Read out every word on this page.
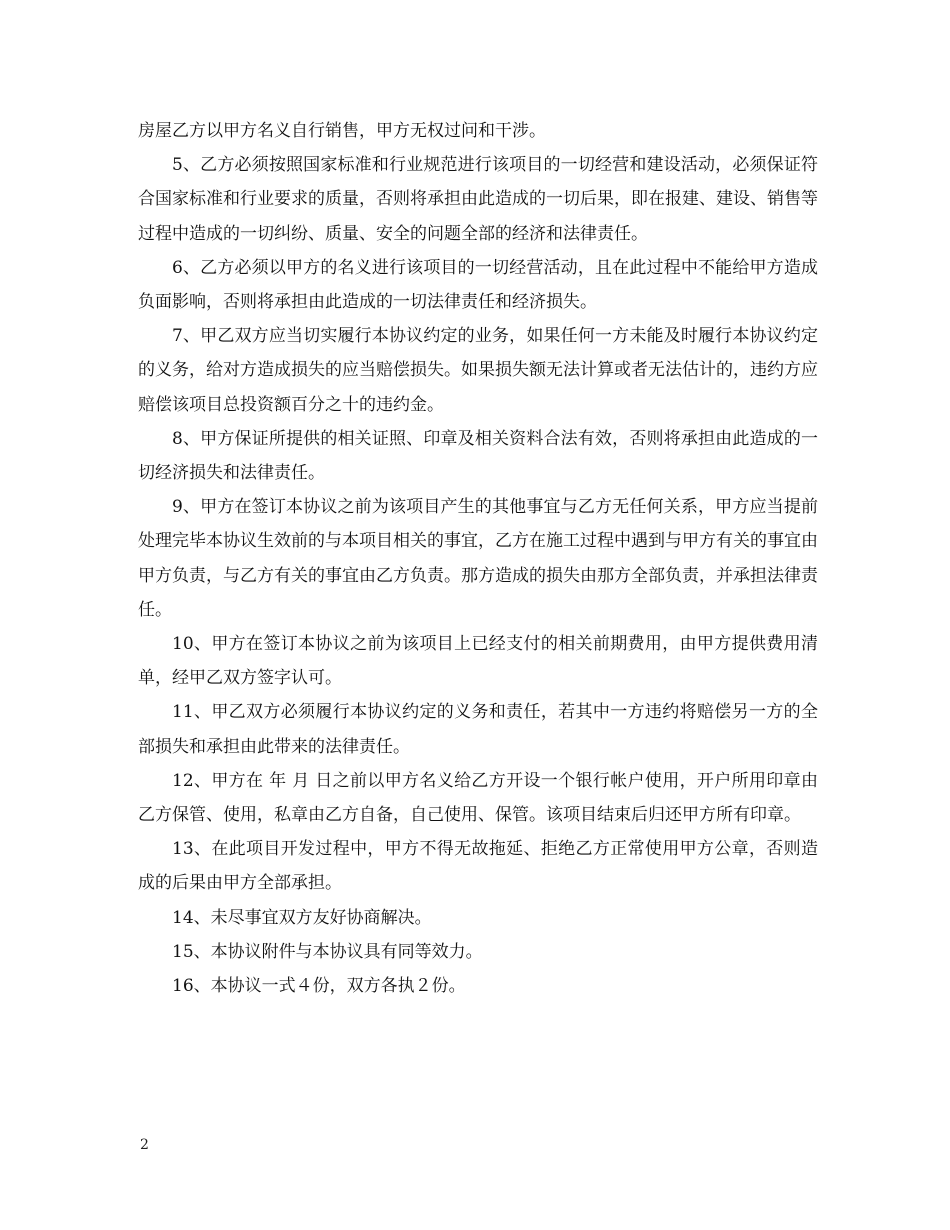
房屋乙方以甲方名义自行销售，甲方无权过问和干涉。

5、乙方必须按照国家标准和行业规范进行该项目的一切经营和建设活动，必须保证符合国家标准和行业要求的质量，否则将承担由此造成的一切后果，即在报建、建设、销售等过程中造成的一切纠纷、质量、安全的问题全部的经济和法律责任。

6、乙方必须以甲方的名义进行该项目的一切经营活动，且在此过程中不能给甲方造成负面影响，否则将承担由此造成的一切法律责任和经济损失。

7、甲乙双方应当切实履行本协议约定的业务，如果任何一方未能及时履行本协议约定的义务，给对方造成损失的应当赔偿损失。如果损失额无法计算或者无法估计的，违约方应赔偿该项目总投资额百分之十的违约金。

8、甲方保证所提供的相关证照、印章及相关资料合法有效，否则将承担由此造成的一切经济损失和法律责任。

9、甲方在签订本协议之前为该项目产生的其他事宜与乙方无任何关系，甲方应当提前处理完毕本协议生效前的与本项目相关的事宜，乙方在施工过程中遇到与甲方有关的事宜由甲方负责，与乙方有关的事宜由乙方负责。那方造成的损失由那方全部负责，并承担法律责任。

10、甲方在签订本协议之前为该项目上已经支付的相关前期费用，由甲方提供费用清单，经甲乙双方签字认可。

11、甲乙双方必须履行本协议约定的义务和责任，若其中一方违约将赔偿另一方的全部损失和承担由此带来的法律责任。

12、甲方在 年 月 日之前以甲方名义给乙方开设一个银行帐户使用，开户所用印章由乙方保管、使用，私章由乙方自备，自己使用、保管。该项目结束后归还甲方所有印章。

13、在此项目开发过程中，甲方不得无故拖延、拒绝乙方正常使用甲方公章，否则造成的后果由甲方全部承担。

14、未尽事宜双方友好协商解决。

15、本协议附件与本协议具有同等效力。

16、本协议一式４份，双方各执２份。

2
